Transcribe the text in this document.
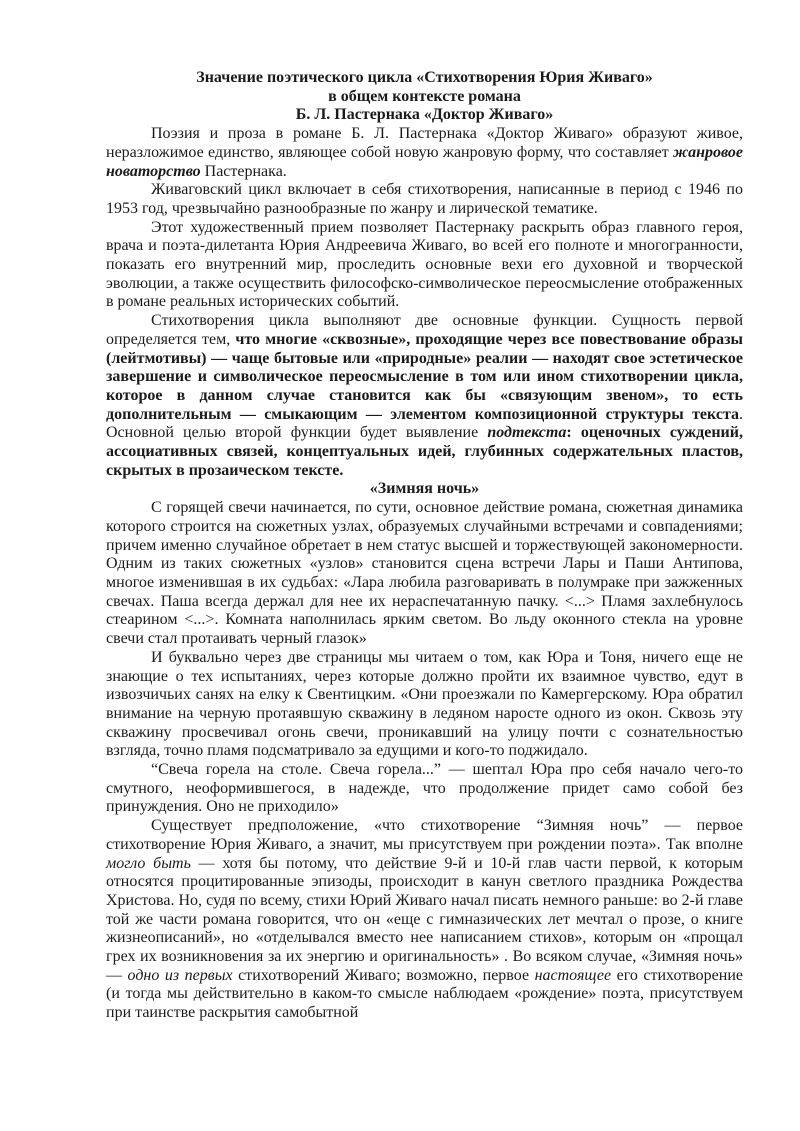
Значение поэтического цикла «Стихотворения Юрия Живаго»
в общем контексте романа
Б. Л. Пастернака «Доктор Живаго»

Поэзия и проза в романе Б. Л. Пастернака «Доктор Живаго» образуют живое, неразложимое единство, являющее собой новую жанровую форму, что составляет жанровое новаторство Пастернака.

Живаговский цикл включает в себя стихотворения, написанные в период с 1946 по 1953 год, чрезвычайно разнообразные по жанру и лирической тематике.

Этот художественный прием позволяет Пастернаку раскрыть образ главного героя, врача и поэта-дилетанта Юрия Андреевича Живаго, во всей его полноте и многогранности, показать его внутренний мир, проследить основные вехи его духовной и творческой эволюции, а также осуществить философско-символическое переосмысление отображенных в романе реальных исторических событий.

Стихотворения цикла выполняют две основные функции. Сущность первой определяется тем, что многие «сквозные», проходящие через все повествование образы (лейтмотивы) — чаще бытовые или «природные» реалии — находят свое эстетическое завершение и символическое переосмысление в том или ином стихотворении цикла, которое в данном случае становится как бы «связующим звеном», то есть дополнительным — смыкающим — элементом композиционной структуры текста. Основной целью второй функции будет выявление подтекста: оценочных суждений, ассоциативных связей, концептуальных идей, глубинных содержательных пластов, скрытых в прозаическом тексте.

«Зимняя ночь»

С горящей свечи начинается, по сути, основное действие романа, сюжетная динамика которого строится на сюжетных узлах, образуемых случайными встречами и совпадениями; причем именно случайное обретает в нем статус высшей и торжествующей закономерности. Одним из таких сюжетных «узлов» становится сцена встречи Лары и Паши Антипова, многое изменившая в их судьбах: «Лара любила разговаривать в полумраке при зажженных свечах. Паша всегда держал для нее их нераспечатанную пачку. <...> Пламя захлебнулось стеарином <...>. Комната наполнилась ярким светом. Во льду оконного стекла на уровне свечи стал протаивать черный глазок»

И буквально через две страницы мы читаем о том, как Юра и Тоня, ничего еще не знающие о тех испытаниях, через которые должно пройти их взаимное чувство, едут в извозчичьих санях на елку к Свентицким. «Они проезжали по Камергерскому. Юра обратил внимание на черную протаявшую скважину в ледяном наросте одного из окон. Сквозь эту скважину просвечивал огонь свечи, проникавший на улицу почти с сознательностью взгляда, точно пламя подсматривало за едущими и кого-то поджидало.

“Свеча горела на столе. Свеча горела...” — шептал Юра про себя начало чего-то смутного, неоформившегося, в надежде, что продолжение придет само собой без принуждения. Оно не приходило»

Существует предположение, «что стихотворение “Зимняя ночь” — первое стихотворение Юрия Живаго, а значит, мы присутствуем при рождении поэта». Так вполне могло быть — хотя бы потому, что действие 9-й и 10-й глав части первой, к которым относятся процитированные эпизоды, происходит в канун светлого праздника Рождества Христова. Но, судя по всему, стихи Юрий Живаго начал писать немного раньше: во 2-й главе той же части романа говорится, что он «еще с гимназических лет мечтал о прозе, о книге жизнеописаний», но «отделывался вместо нее написанием стихов», которым он «прощал грех их возникновения за их энергию и оригинальность» . Во всяком случае, «Зимняя ночь» — одно из первых стихотворений Живаго; возможно, первое настоящее его стихотворение (и тогда мы действительно в каком-то смысле наблюдаем «рождение» поэта, присутствуем при таинстве раскрытия самобытной
